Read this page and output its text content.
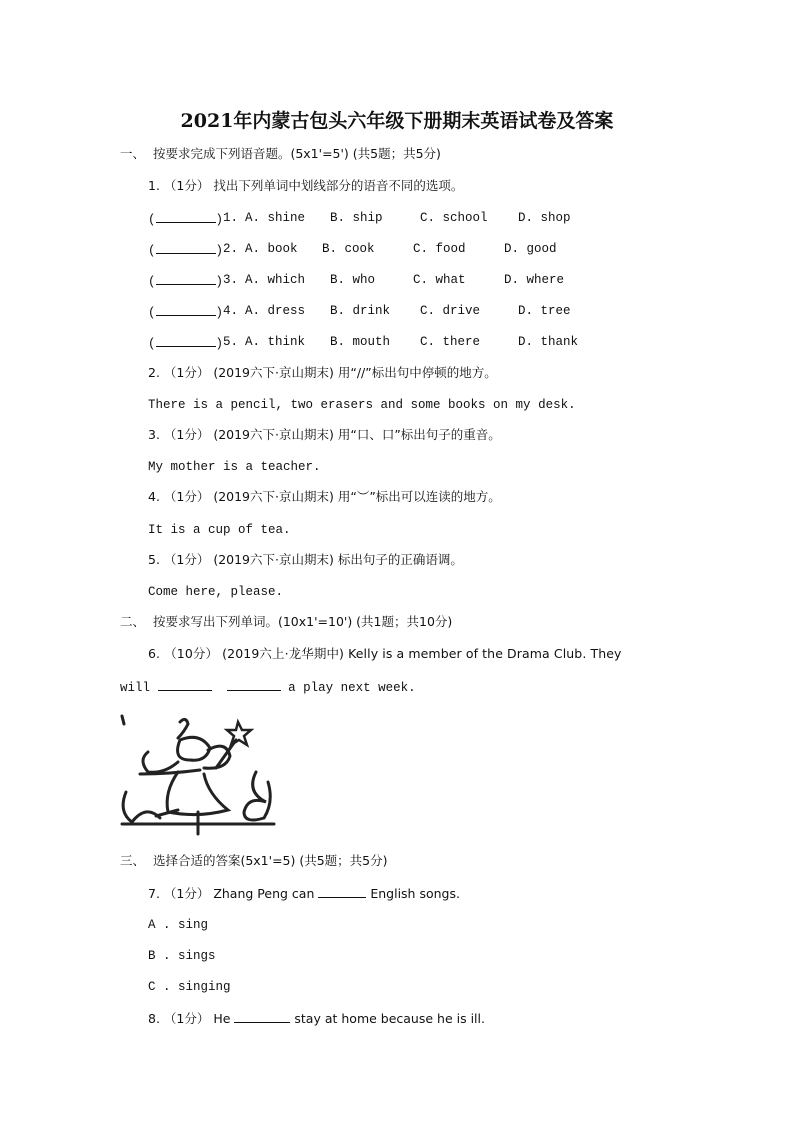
2021年内蒙古包头六年级下册期末英语试卷及答案
一、  按要求完成下列语音题。(5x1'=5') (共5题；共5分)
1. （1分） 找出下列单词中划线部分的语音不同的选项。
(	) 1. A. shine B. ship	C. school D. shop
(	) 2. A. book B. cook	C. food	D. good
(	) 3. A. which B. who	C. what	D. where
(	) 4. A. dress B. drink C. drive	D. tree
(	) 5. A. think B. mouth C. there	D. thank
2. （1分） (2019六下·京山期末) 用“//”标出句中停顿的地方。
There is a pencil, two erasers and some books on my desk.
3. （1分） (2019六下·京山期末) 用“口、口”标出句子的重音。
My mother is a teacher.
4. （1分） (2019六下·京山期末) 用“︶”标出可以连读的地方。
It is a cup of tea.
5. （1分） (2019六下·京山期末) 标出句子的正确语调。
Come here, please.
二、  按要求写出下列单词。(10x1'=10') (共1题；共10分)
6. （10分） (2019六上·龙华期中) Kelly is a member of the Drama Club. They
will	a play next week.
三、  选择合适的答案(5x1'=5) (共5题；共5分)
7. （1分） Zhang Peng can	English songs.
A . sing
B . sings
C . singing
8. （1分） He	stay at home because he is ill.
